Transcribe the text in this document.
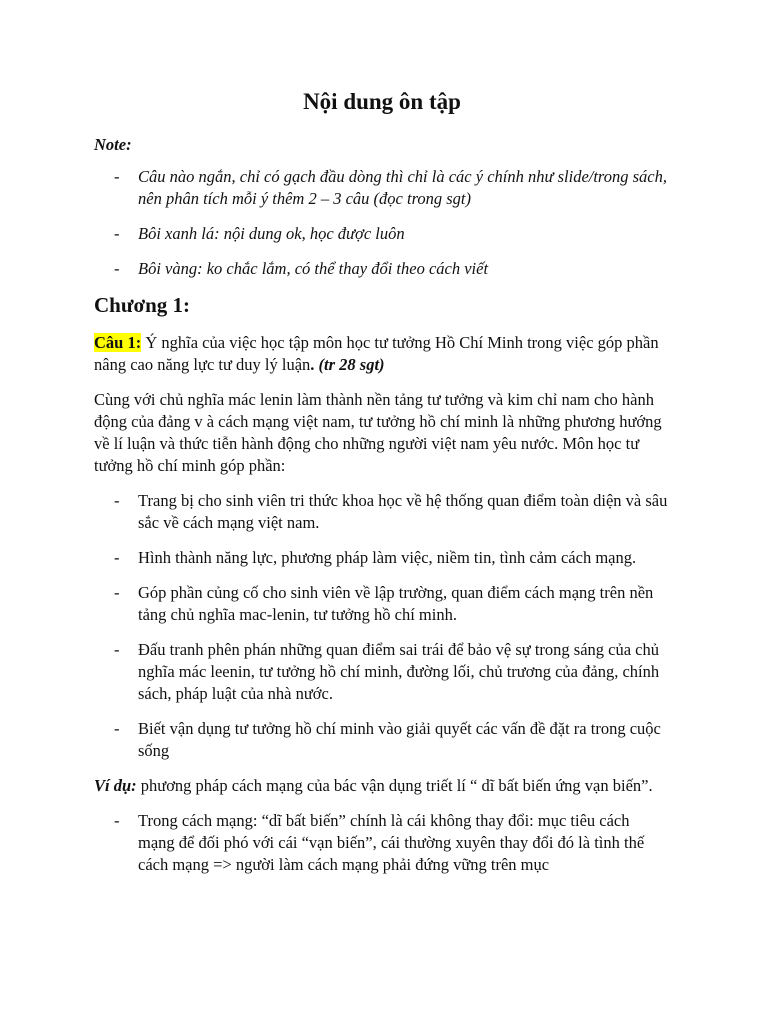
Nội dung ôn tập
Note:
- Câu nào ngắn, chỉ có gạch đầu dòng thì chỉ là các ý chính như slide/trong sách, nên phân tích mỗi ý thêm 2 – 3 câu (đọc trong sgt)
- Bôi xanh lá: nội dung ok, học được luôn
- Bôi vàng: ko chắc lắm, có thể thay đổi theo cách viết
Chương 1:

Câu 1: Ý nghĩa của việc học tập môn học tư tưởng Hồ Chí Minh trong việc góp phần nâng cao năng lực tư duy lý luận. (tr 28 sgt)

Cùng với chủ nghĩa mác lenin làm thành nền tảng tư tưởng và kim chỉ nam cho hành động của đảng v à cách mạng việt nam, tư tưởng hồ chí minh là những phương hướng về lí luận và thức tiễn hành động cho những người việt nam yêu nước. Môn học tư tưởng hồ chí minh góp phần:

- Trang bị cho sinh viên tri thức khoa học về hệ thống quan điểm toàn diện và sâu sắc về cách mạng việt nam.
- Hình thành năng lực, phương pháp làm việc, niềm tin, tình cảm cách mạng.
- Góp phần củng cố cho sinh viên về lập trường, quan điểm cách mạng trên nền tảng chủ nghĩa mac-lenin, tư tưởng hồ chí minh.
- Đấu tranh phên phán những quan điểm sai trái để bảo vệ sự trong sáng của chủ nghĩa mác leenin, tư tưởng hồ chí minh, đường lối, chủ trương của đảng, chính sách, pháp luật của nhà nước.
- Biết vận dụng tư tưởng hồ chí minh vào giải quyết các vấn đề đặt ra trong cuộc sống

Ví dụ: phương pháp cách mạng của bác vận dụng triết lí “ dĩ bất biến ứng vạn biến”.

- Trong cách mạng: “dĩ bất biến” chính là cái không thay đổi: mục tiêu cách mạng để đối phó với cái “vạn biến”, cái thường xuyên thay đổi đó là tình thế cách mạng => người làm cách mạng phải đứng vững trên mục
